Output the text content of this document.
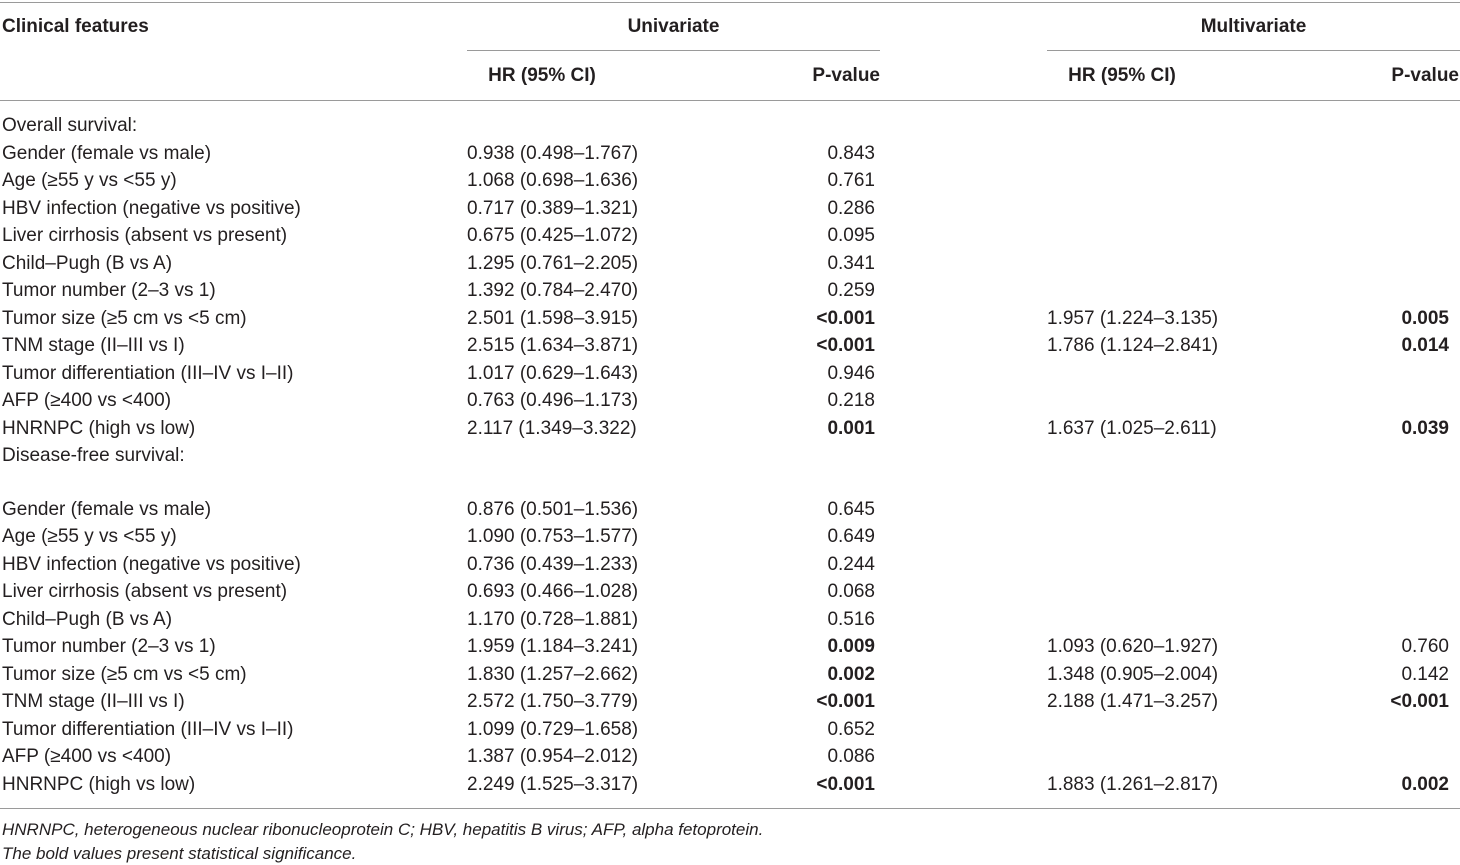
Clinical features	Univariate	Multivariate
HR (95% CI)	P-value	HR (95% CI)	P-value
Overall survival:
Gender (female vs male)	0.938 (0.498–1.767)	0.843
Age (≥55 y vs <55 y)	1.068 (0.698–1.636)	0.761
HBV infection (negative vs positive)	0.717 (0.389–1.321)	0.286
Liver cirrhosis (absent vs present)	0.675 (0.425–1.072)	0.095
Child–Pugh (B vs A)	1.295 (0.761–2.205)	0.341
Tumor number (2–3 vs 1)	1.392 (0.784–2.470)	0.259
Tumor size (≥5 cm vs <5 cm)	2.501 (1.598–3.915)	<0.001	1.957 (1.224–3.135)	0.005
TNM stage (II–III vs I)	2.515 (1.634–3.871)	<0.001	1.786 (1.124–2.841)	0.014
Tumor differentiation (III–IV vs I–II)	1.017 (0.629–1.643)	0.946
AFP (≥400 vs <400)	0.763 (0.496–1.173)	0.218
HNRNPC (high vs low)	2.117 (1.349–3.322)	0.001	1.637 (1.025–2.611)	0.039
Disease-free survival:
Gender (female vs male)	0.876 (0.501–1.536)	0.645
Age (≥55 y vs <55 y)	1.090 (0.753–1.577)	0.649
HBV infection (negative vs positive)	0.736 (0.439–1.233)	0.244
Liver cirrhosis (absent vs present)	0.693 (0.466–1.028)	0.068
Child–Pugh (B vs A)	1.170 (0.728–1.881)	0.516
Tumor number (2–3 vs 1)	1.959 (1.184–3.241)	0.009	1.093 (0.620–1.927)	0.760
Tumor size (≥5 cm vs <5 cm)	1.830 (1.257–2.662)	0.002	1.348 (0.905–2.004)	0.142
TNM stage (II–III vs I)	2.572 (1.750–3.779)	<0.001	2.188 (1.471–3.257)	<0.001
Tumor differentiation (III–IV vs I–II)	1.099 (0.729–1.658)	0.652
AFP (≥400 vs <400)	1.387 (0.954–2.012)	0.086
HNRNPC (high vs low)	2.249 (1.525–3.317)	<0.001	1.883 (1.261–2.817)	0.002
HNRNPC, heterogeneous nuclear ribonucleoprotein C; HBV, hepatitis B virus; AFP, alpha fetoprotein.
The bold values present statistical significance.
